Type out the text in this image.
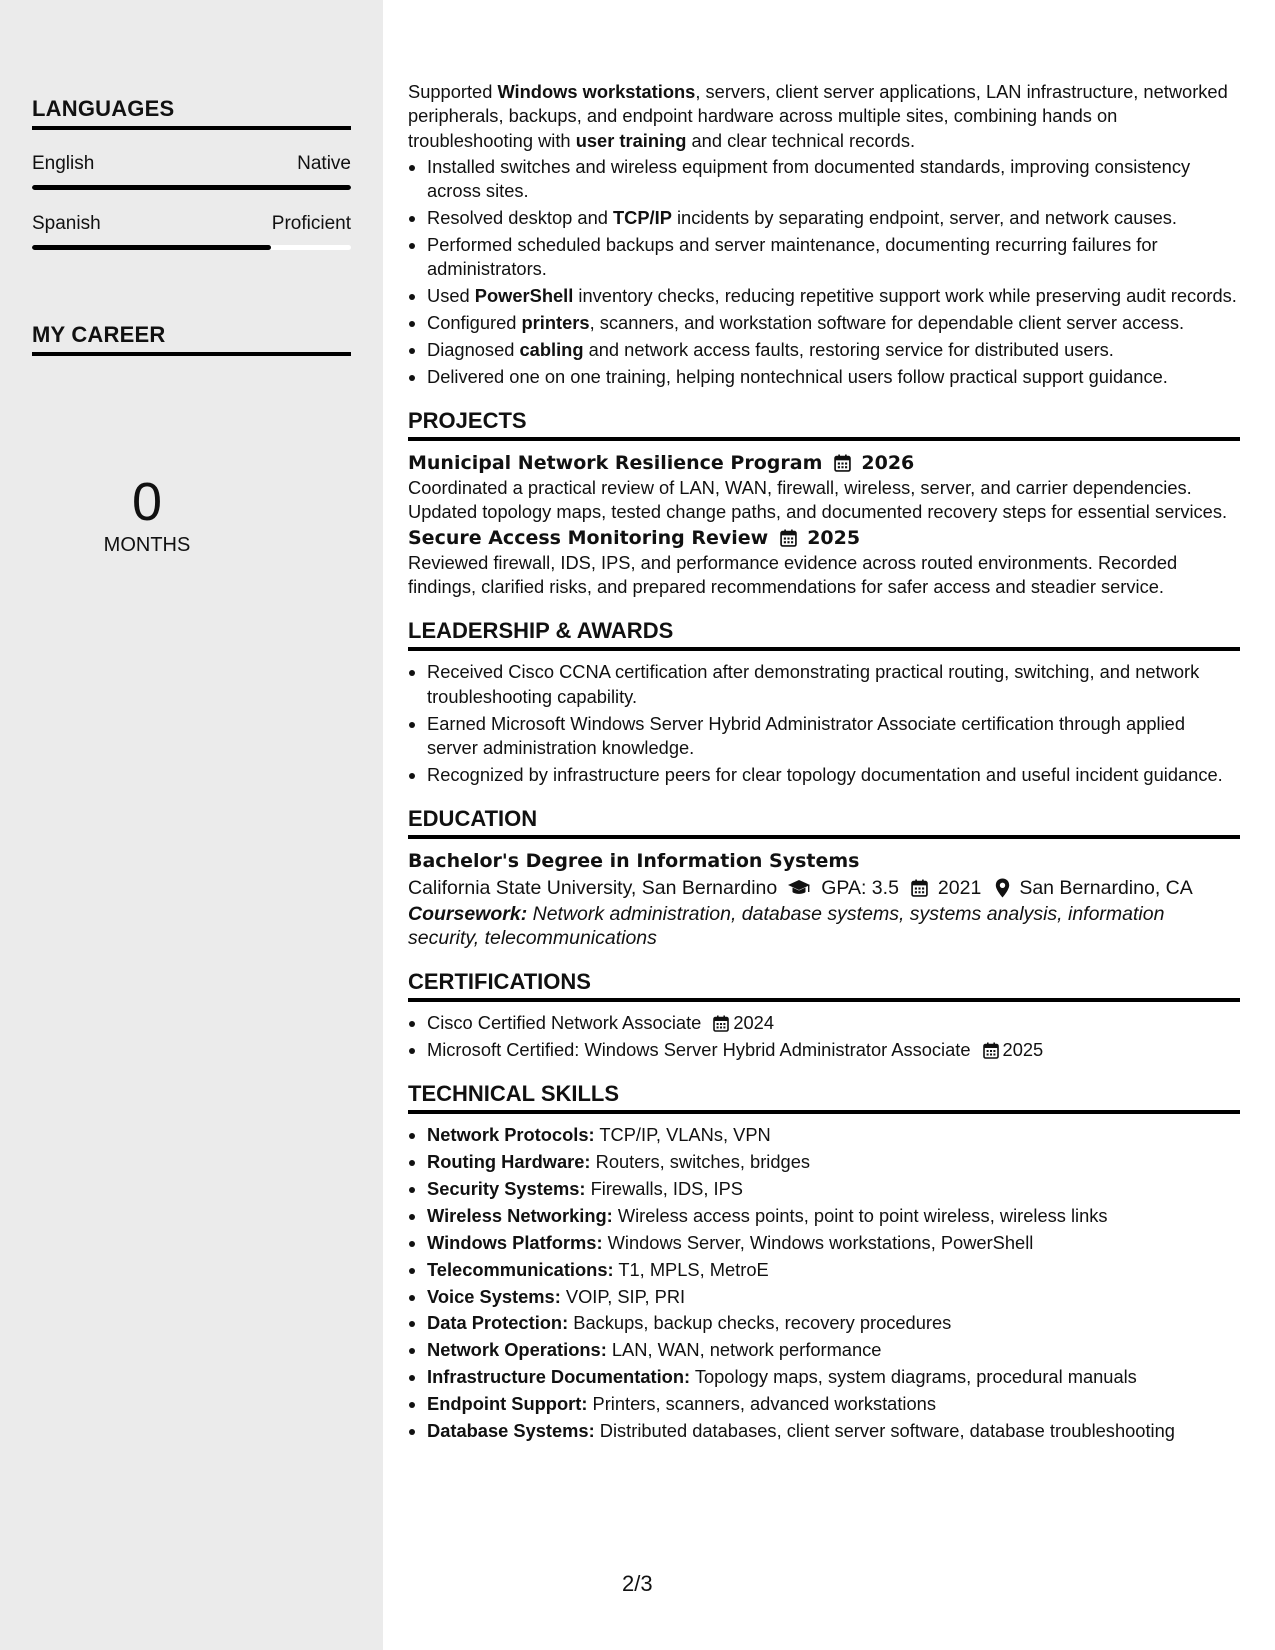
LANGUAGES
English	Native
Spanish	Proficient
MY CAREER
0
MONTHS

Supported Windows workstations, servers, client server applications, LAN infrastructure, networked peripherals, backups, and endpoint hardware across multiple sites, combining hands on troubleshooting with user training and clear technical records.

• Installed switches and wireless equipment from documented standards, improving consistency across sites.
• Resolved desktop and TCP/IP incidents by separating endpoint, server, and network causes.
• Performed scheduled backups and server maintenance, documenting recurring failures for administrators.
• Used PowerShell inventory checks, reducing repetitive support work while preserving audit records.
• Configured printers, scanners, and workstation software for dependable client server access.
• Diagnosed cabling and network access faults, restoring service for distributed users.
• Delivered one on one training, helping nontechnical users follow practical support guidance.
PROJECTS
Municipal Network Resilience Program 2026

Coordinated a practical review of LAN, WAN, firewall, wireless, server, and carrier dependencies. Updated topology maps, tested change paths, and documented recovery steps for essential services.

Secure Access Monitoring Review 2025

Reviewed firewall, IDS, IPS, and performance evidence across routed environments. Recorded findings, clarified risks, and prepared recommendations for safer access and steadier service.

LEADERSHIP & AWARDS
• Received Cisco CCNA certification after demonstrating practical routing, switching, and network troubleshooting capability.
• Earned Microsoft Windows Server Hybrid Administrator Associate certification through applied server administration knowledge.
• Recognized by infrastructure peers for clear topology documentation and useful incident guidance.
EDUCATION
Bachelor's Degree in Information Systems
California State University, San Bernardino GPA: 3.5 2021 San Bernardino, CA

Coursework: Network administration, database systems, systems analysis, information security, telecommunications

CERTIFICATIONS
• Cisco Certified Network Associate 2024
• Microsoft Certified: Windows Server Hybrid Administrator Associate 2025
TECHNICAL SKILLS
• Network Protocols: TCP/IP, VLANs, VPN
• Routing Hardware: Routers, switches, bridges
• Security Systems: Firewalls, IDS, IPS
• Wireless Networking: Wireless access points, point to point wireless, wireless links
• Windows Platforms: Windows Server, Windows workstations, PowerShell
• Telecommunications: T1, MPLS, MetroE
• Voice Systems: VOIP, SIP, PRI
• Data Protection: Backups, backup checks, recovery procedures
• Network Operations: LAN, WAN, network performance
• Infrastructure Documentation: Topology maps, system diagrams, procedural manuals
• Endpoint Support: Printers, scanners, advanced workstations
• Database Systems: Distributed databases, client server software, database troubleshooting
2/3
